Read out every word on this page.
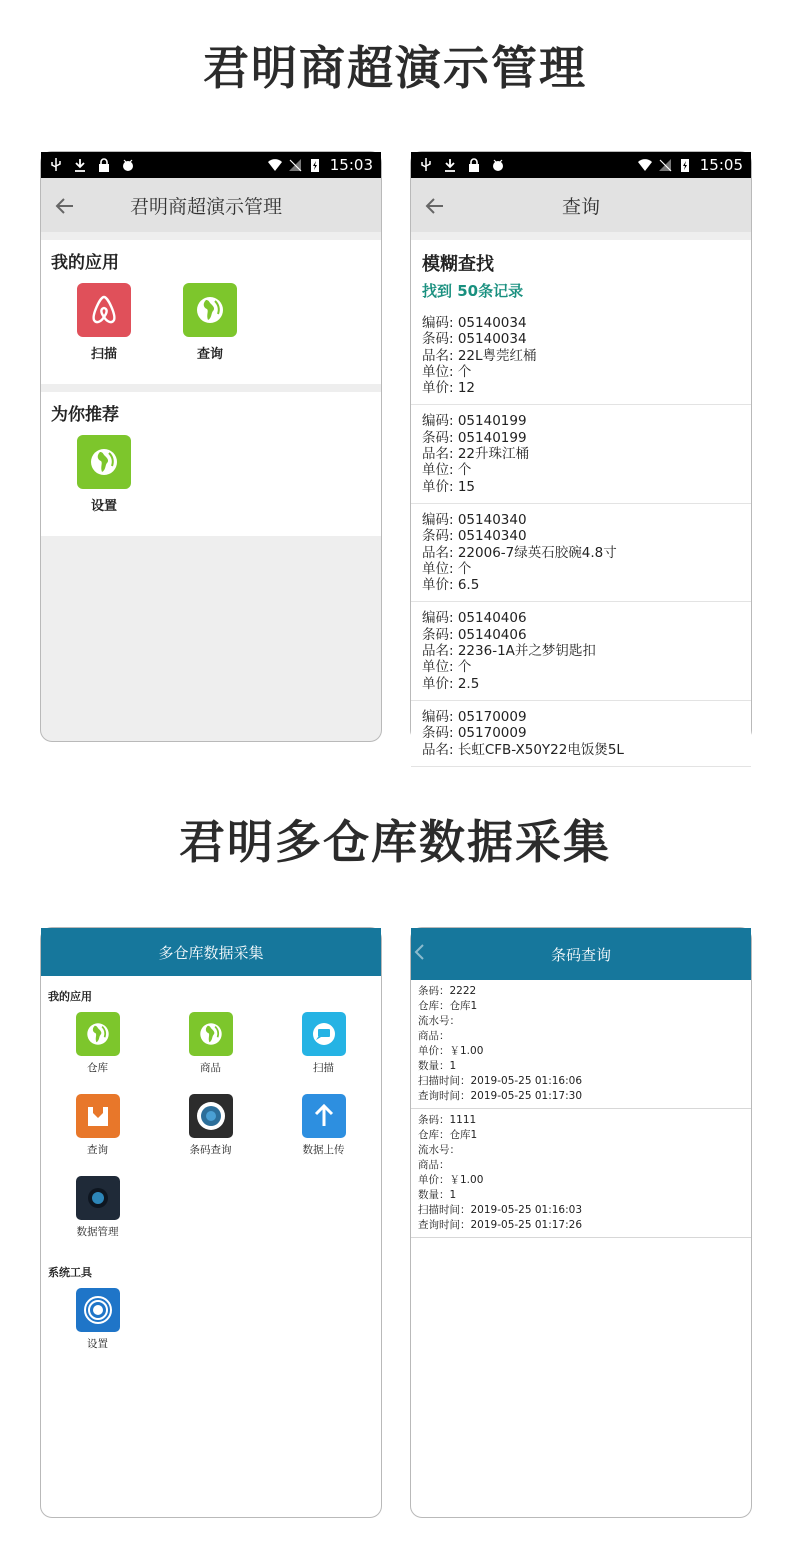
君明商超演示管理
君明多仓库数据采集
15:03
君明商超演示管理
我的应用
扫描	查询
为你推荐
设置
15:05
查询
模糊查找
找到 50条记录
编码: 05140034
条码: 05140034
品名: 22L粤莞红桶
单位: 个
单价: 12
编码: 05140199
条码: 05140199
品名: 22升珠江桶
单位: 个
单价: 15
编码: 05140340
条码: 05140340
品名: 22006-7绿英石胶碗4.8寸
单位: 个
单价: 6.5
编码: 05140406
条码: 05140406
品名: 2236-1A并之梦钥匙扣
单位: 个
单价: 2.5
编码: 05170009
条码: 05170009
品名: 长虹CFB-X50Y22电饭煲5L
多仓库数据采集
我的应用
仓库	商品	扫描
查询	条码查询	数据上传
数据管理
系统工具
设置
条码查询
条码：2222
仓库：仓库1
流水号：
商品：
单价：￥1.00
数量：1
扫描时间：2019-05-25 01:16:06
查询时间：2019-05-25 01:17:30
条码：1111
仓库：仓库1
流水号：
商品：
单价：￥1.00
数量：1
扫描时间：2019-05-25 01:16:03
查询时间：2019-05-25 01:17:26
